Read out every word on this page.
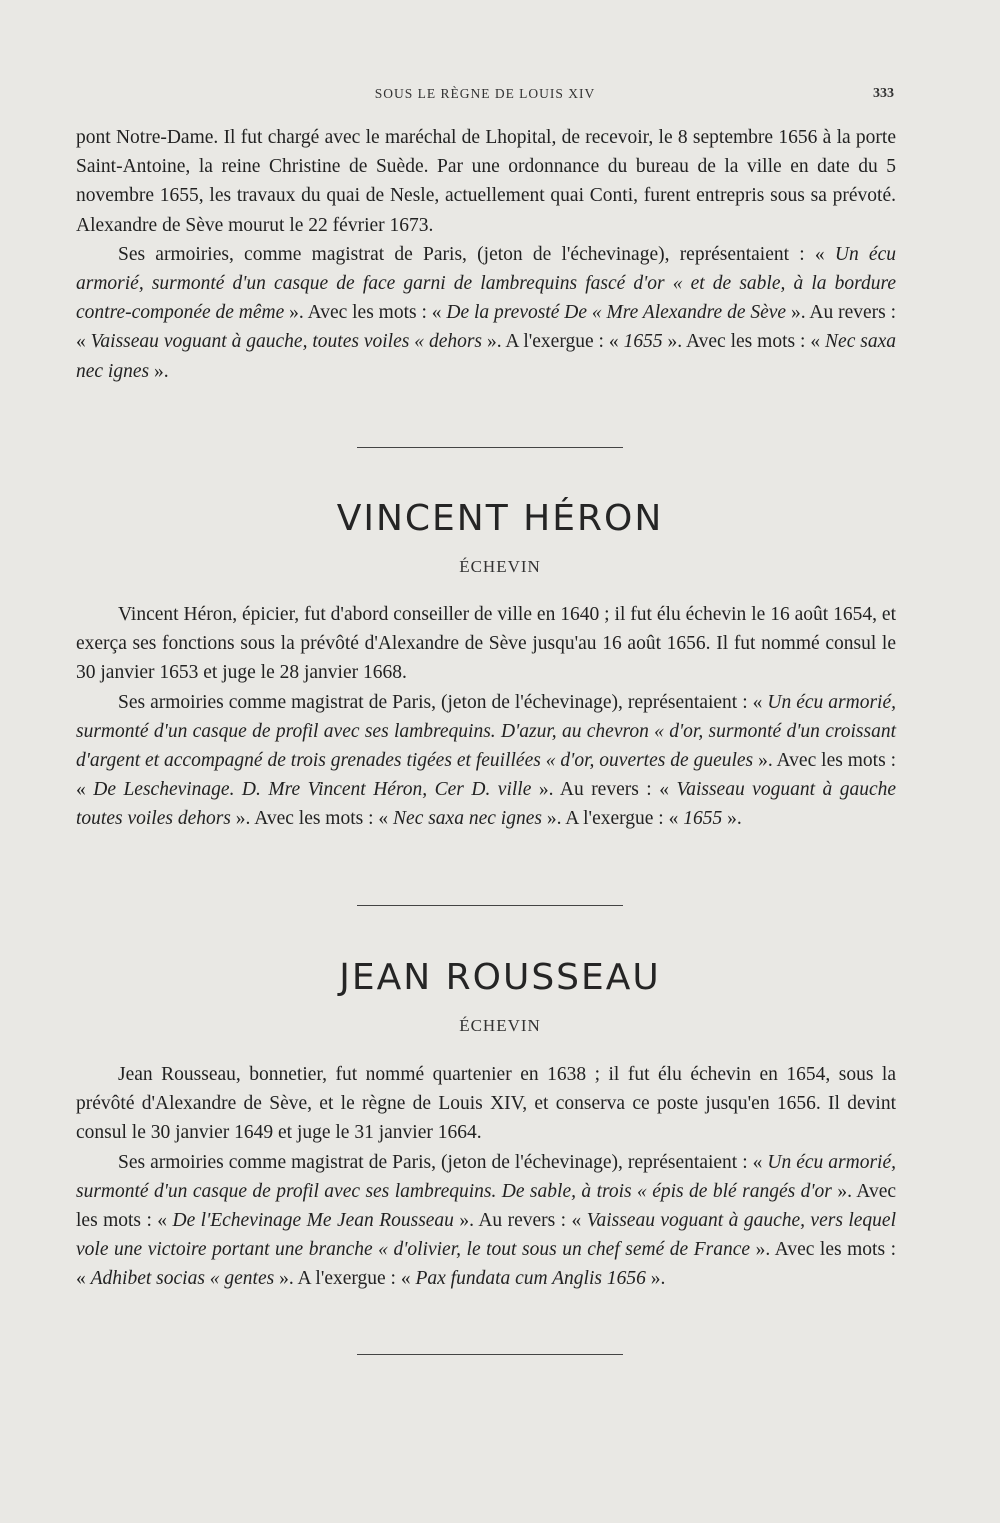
SOUS LE RÈGNE DE LOUIS XIV	333

pont Notre-Dame. Il fut chargé avec le maréchal de Lhopital, de recevoir, le 8 septembre 1656 à la porte Saint-Antoine, la reine Christine de Suède. Par une ordonnance du bureau de la ville en date du 5 novembre 1655, les travaux du quai de Nesle, actuellement quai Conti, furent entrepris sous sa prévoté. Alexandre de Sève mourut le 22 février 1673.

Ses armoiries, comme magistrat de Paris, (jeton de l'échevinage), représentaient : « Un écu armorié, surmonté d'un casque de face garni de lambrequins fascé d'or « et de sable, à la bordure contre-componée de même ». Avec les mots : « De la prevosté De « Mre Alexandre de Sève ». Au revers : « Vaisseau voguant à gauche, toutes voiles « dehors ». A l'exergue : « 1655 ». Avec les mots : « Nec saxa nec ignes ».

VINCENT HÉRON
ÉCHEVIN

Vincent Héron, épicier, fut d'abord conseiller de ville en 1640 ; il fut élu échevin le 16 août 1654, et exerça ses fonctions sous la prévôté d'Alexandre de Sève jusqu'au 16 août 1656. Il fut nommé consul le 30 janvier 1653 et juge le 28 janvier 1668.

Ses armoiries comme magistrat de Paris, (jeton de l'échevinage), représentaient : « Un écu armorié, surmonté d'un casque de profil avec ses lambrequins. D'azur, au chevron « d'or, surmonté d'un croissant d'argent et accompagné de trois grenades tigées et feuillées « d'or, ouvertes de gueules ». Avec les mots : « De Leschevinage. D. Mre Vincent Héron, Cer D. ville ». Au revers : « Vaisseau voguant à gauche toutes voiles dehors ». Avec les mots : « Nec saxa nec ignes ». A l'exergue : « 1655 ».

JEAN ROUSSEAU
ÉCHEVIN

Jean Rousseau, bonnetier, fut nommé quartenier en 1638 ; il fut élu échevin en 1654, sous la prévôté d'Alexandre de Sève, et le règne de Louis XIV, et conserva ce poste jusqu'en 1656. Il devint consul le 30 janvier 1649 et juge le 31 janvier 1664.

Ses armoiries comme magistrat de Paris, (jeton de l'échevinage), représentaient : « Un écu armorié, surmonté d'un casque de profil avec ses lambrequins. De sable, à trois « épis de blé rangés d'or ». Avec les mots : « De l'Echevinage Me Jean Rousseau ». Au revers : « Vaisseau voguant à gauche, vers lequel vole une victoire portant une branche « d'olivier, le tout sous un chef semé de France ». Avec les mots : « Adhibet socias « gentes ». A l'exergue : « Pax fundata cum Anglis 1656 ».
